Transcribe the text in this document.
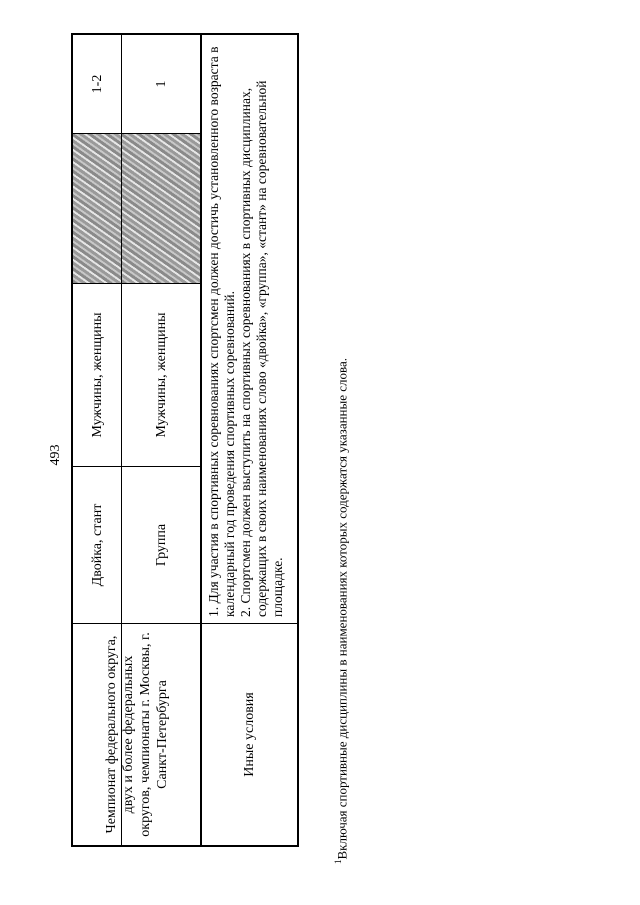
493
Чемпионат федерального округа, двух и более федеральных округов, чемпионаты г. Москвы, г. Санкт-Петербурга
Двойка, стант
Мужчины, женщины
1-2
Группа
Мужчины, женщины
1
Иные условия

1. Для участия в спортивных соревнованиях спортсмен должен достичь установленного возраста в календарный год проведения спортивных соревнований. 2. Спортсмен должен выступить на спортивных соревнованиях в спортивных дисциплинах, содержащих в своих наименованиях слово «двойка», «группа», «стант» на соревновательной площадке.

$^1$Включая спортивные дисциплины в наименованиях которых содержатся указанные слова.
